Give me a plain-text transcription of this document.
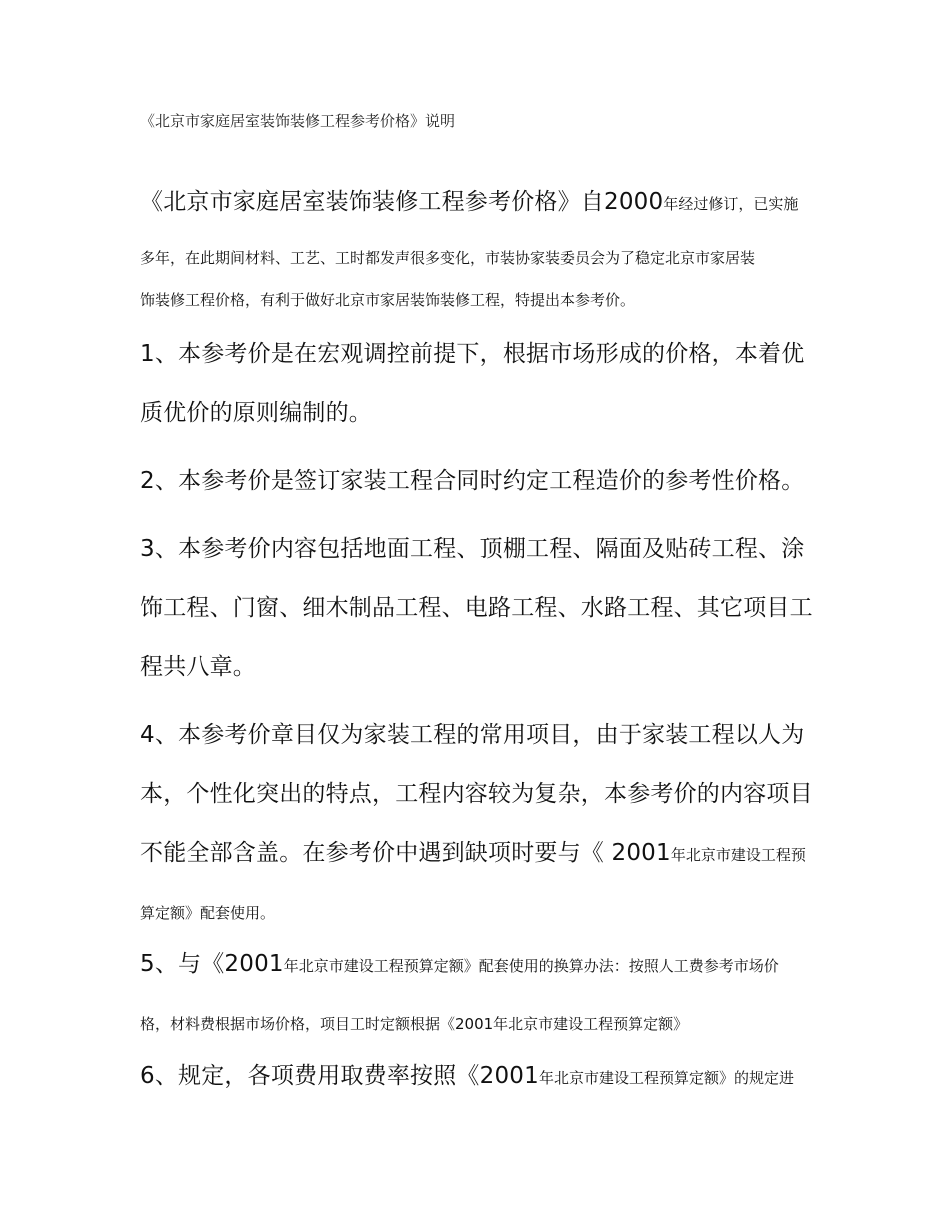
《北京市家庭居室装饰装修工程参考价格》说明
《北京市家庭居室装饰装修工程参考价格》自2000年经过修订，已实施
多年，在此期间材料、工艺、工时都发声很多变化，市装协家装委员会为了稳定北京市家居装
饰装修工程价格，有利于做好北京市家居装饰装修工程，特提出本参考价。
1、本参考价是在宏观调控前提下，根据市场形成的价格，本着优
质优价的原则编制的。
2、本参考价是签订家装工程合同时约定工程造价的参考性价格。
3、本参考价内容包括地面工程、顶棚工程、隔面及贴砖工程、涂
饰工程、门窗、细木制品工程、电路工程、水路工程、其它项目工
程共八章。
4、本参考价章目仅为家装工程的常用项目，由于家装工程以人为
本，个性化突出的特点，工程内容较为复杂，本参考价的内容项目
不能全部含盖。在参考价中遇到缺项时要与《 2001年北京市建设工程预
算定额》配套使用。
5、与《2001年北京市建设工程预算定额》配套使用的换算办法：按照人工费参考市场价
格，材料费根据市场价格，项目工时定额根据《2001年北京市建设工程预算定额》
6、规定，各项费用取费率按照《2001年北京市建设工程预算定额》的规定进
